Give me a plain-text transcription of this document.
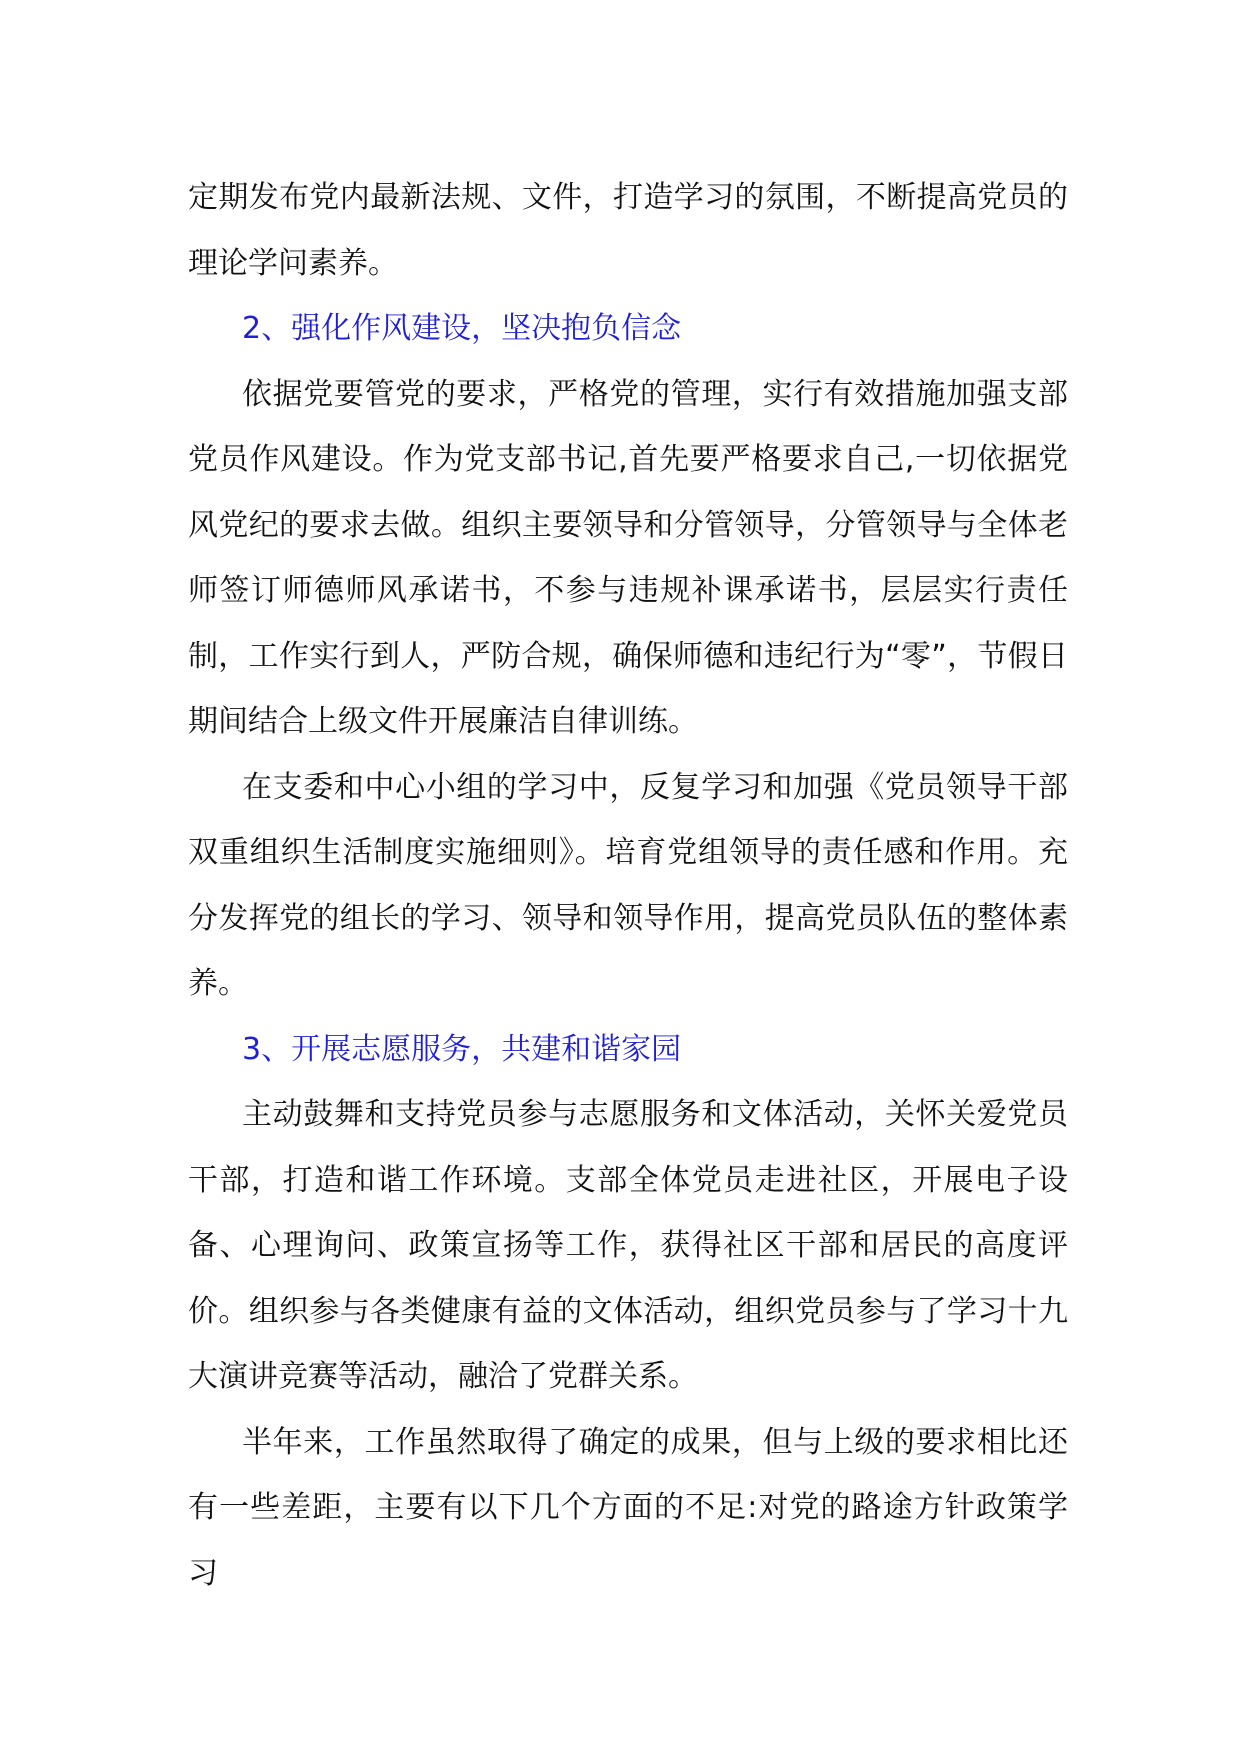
定期发布党内最新法规、文件，打造学习的氛围，不断提高党员的理论学问素养。

2、强化作风建设，坚决抱负信念

依据党要管党的要求，严格党的管理，实行有效措施加强支部党员作风建设。作为党支部书记,首先要严格要求自己,一切依据党风党纪的要求去做。组织主要领导和分管领导，分管领导与全体老师签订师德师风承诺书，不参与违规补课承诺书，层层实行责任制，工作实行到人，严防合规，确保师德和违纪行为“零”，节假日期间结合上级文件开展廉洁自律训练。

在支委和中心小组的学习中，反复学习和加强《党员领导干部双重组织生活制度实施细则》。培育党组领导的责任感和作用。充分发挥党的组长的学习、领导和领导作用，提高党员队伍的整体素养。

3、开展志愿服务，共建和谐家园

主动鼓舞和支持党员参与志愿服务和文体活动，关怀关爱党员干部，打造和谐工作环境。支部全体党员走进社区，开展电子设备、心理询问、政策宣扬等工作，获得社区干部和居民的高度评价。组织参与各类健康有益的文体活动，组织党员参与了学习十九大演讲竞赛等活动，融洽了党群关系。

半年来，工作虽然取得了确定的成果，但与上级的要求相比还有一些差距，主要有以下几个方面的不足:对党的路途方针政策学习
